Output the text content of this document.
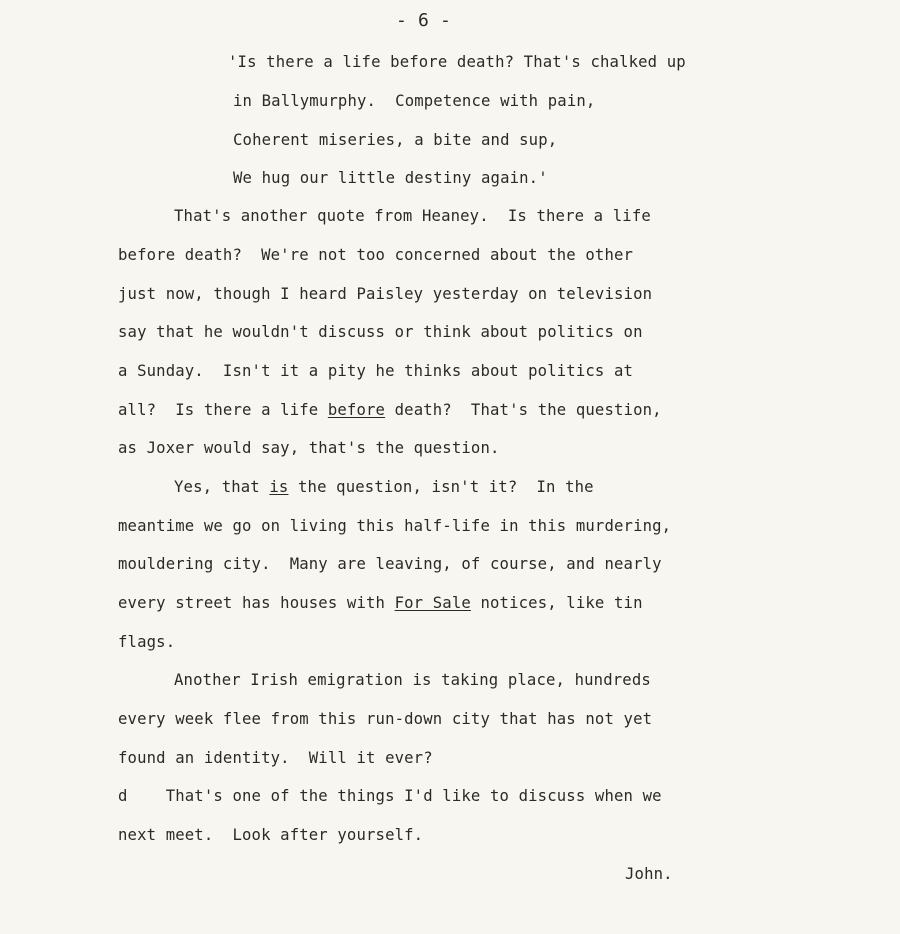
- 6 -
'Is there a life before death? That's chalked up
in Ballymurphy.  Competence with pain,
Coherent miseries, a bite and sup,
We hug our little destiny again.'
That's another quote from Heaney.  Is there a life
before death?  We're not too concerned about the other
just now, though I heard Paisley yesterday on television
say that he wouldn't discuss or think about politics on
a Sunday.  Isn't it a pity he thinks about politics at
all?  Is there a life before death?  That's the question,
as Joxer would say, that's the question.
Yes, that is the question, isn't it?  In the
meantime we go on living this half-life in this murdering,
mouldering city.  Many are leaving, of course, and nearly
every street has houses with For Sale notices, like tin
flags.
Another Irish emigration is taking place, hundreds
every week flee from this run-down city that has not yet
found an identity.  Will it ever?
d    That's one of the things I'd like to discuss when we
next meet.  Look after yourself.
John.
